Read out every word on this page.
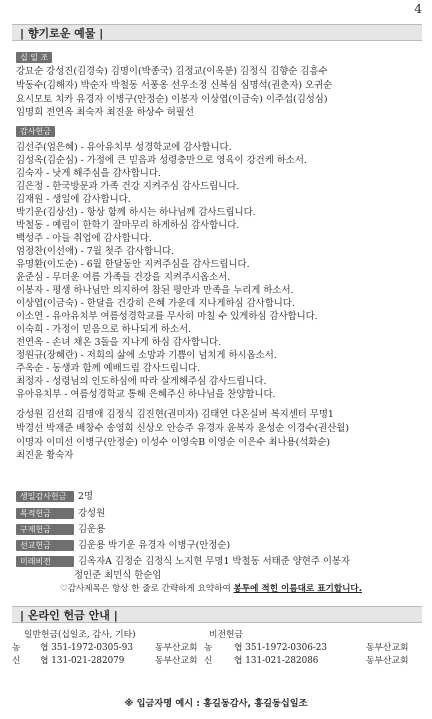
4
| 향기로운 예물 |
십 일 조
강묘순 강성진(김경숙) 김명이(박종국) 김정교(이옥분) 김정식 김향순 김흥수
박동수(김해자) 박순자 박철동 서풍옹 선우소정 신복심 심명석(권춘자) 오귀순
요시모토 치카 유경자 이병구(안정순) 이봉자 이상엽(이금숙) 이주섭(김성심)
임명희 전연옥 최숙자 최진윤 하상수 허필선
감사헌금
김선주(엄은혜) - 유아유치부 성경학교에 감사합니다.
김성옥(김순심) - 가정에 큰 믿음과 성령충만으로 영육이 강건케 하소서.
김숙자 - 낫게 해주심을 감사합니다.
김은정 - 한국방문과 가족 건강 지켜주심 감사드립니다.
김재원 - 생일에 감사합니다.
박기운(김상선) - 항상 함께 하시는 하나님께 감사드립니다.
박철동 - 예림이 한학기 잘마무리 하게하심 감사합니다.
백성주 - 아들 취업에 감사합니다.
엄정찬(이선애) - 7월 첫주 감사합니다.
유명환(이도순) - 6월 한달동안 지켜주심을 감사드립니다.
윤준심 - 무더운 여름 가족들 건강을 지켜주시옵소서.
이봉자 - 평생 하나님만 의지하여 참된 평안과 만족을 누리게 하소서.
이상엽(이금숙) - 한달을 건강히 은혜 가운데 지나게하심 감사합니다.
이소연 - 유아유치부 여름성경학교를 무사히 마칠 수 있게하심 감사합니다.
이숙희 - 가정이 믿음으로 하나되게 하소서.
전연옥 - 손녀 채온 3돌을 지나게 하심 감사합니다.
정원규(장혜란) - 저희의 삶에 소망과 기쁨이 넘치게 하시옵소서.
주옥순 - 동생과 함께 예배드림 감사드립니다.
최정자 - 성령님의 인도하심에 따라 살게해주심 감사드립니다.
유아유치부 - 여름성경학교 통해 은혜주신 하나님을 찬양합니다.
강성원 김선희 김명애 김정식 김진현(권미자) 김태연 다온실버 복지센터 무명1
박경선 박재준 배창수 송영희 신상오 안승주 유경자 윤복자 윤성순 이경수(권산월)
이명자 이미선 이병구(안정순) 이성수 이영숙B 이영순 이은수 최나용(석화순)
최진윤 황숙자
생일감사헌금 2명
목적헌금	강성원
구제헌금	김운용
선교헌금	김운용 박기운 유경자 이병구(안정순)
미래비전	김옥자A 김정순 김정식 노지현 무명1 박철동 서태준 양현주 이봉자
정인준 최민식 한순임
♡감사제목은 항상 한 줄로 간략하게 요약하여 봉투에 적힌 이름대로 표기합니다.
| 온라인 헌금 안내 |
일반헌금(십일조, 감사, 기타)	비전헌금
농 협 351-1972-0305-93	동부산교회 농 협 351-1972-0306-23	동부산교회
신 협 131-021-282079	동부산교회 신 협 131-021-282086	동부산교회
※ 입금자명 예시 : 홍길동감사, 홍길동십일조
